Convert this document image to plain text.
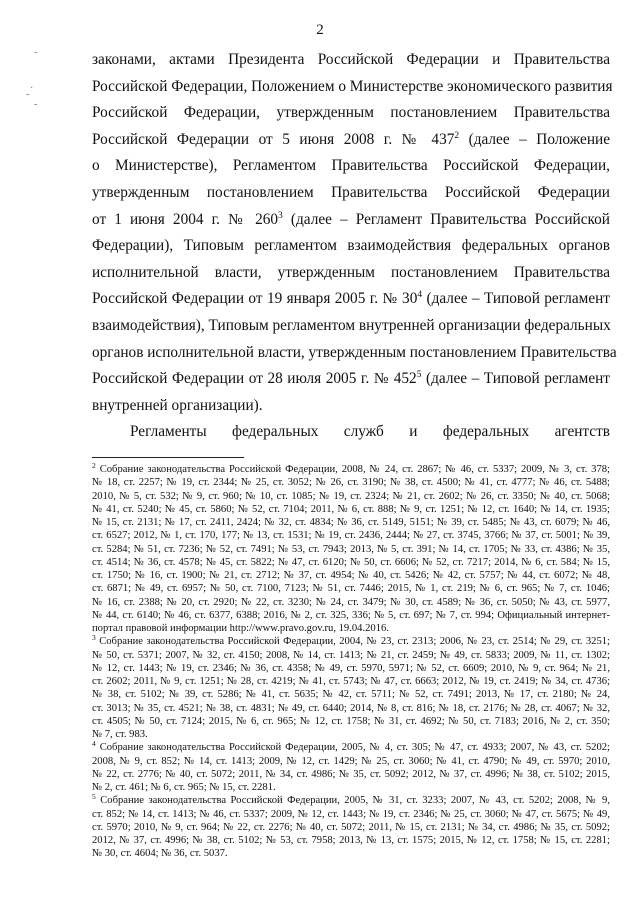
2
-
·
-
-
законами, актами Президента Российской Федерации и Правительства
Российской Федерации, Положением о Министерстве экономического развития
Российской Федерации, утвержденным постановлением Правительства
Российской Федерации от 5 июня 2008 г. № $437^2$ (далее – Положение
о Министерстве), Регламентом Правительства Российской Федерации,
утвержденным постановлением Правительства Российской Федерации
от 1 июня 2004 г. № $260^3$ (далее – Регламент Правительства Российской
Федерации), Типовым регламентом взаимодействия федеральных органов
исполнительной власти, утвержденным постановлением Правительства
Российской Федерации от 19 января 2005 г. № $30^4$ (далее – Типовой регламент
взаимодействия), Типовым регламентом внутренней организации федеральных
органов исполнительной власти, утвержденным постановлением Правительства
Российской Федерации от 28 июля 2005 г. № $452^5$ (далее – Типовой регламент
внутренней организации).
Регламенты федеральных служб и федеральных агентств
$^2$ Собрание законодательства Российской Федерации, 2008, № 24, ст. 2867; № 46, ст. 5337; 2009, № 3, ст. 378;
№ 18, ст. 2257; № 19, ст. 2344; № 25, ст. 3052; № 26, ст. 3190; № 38, ст. 4500; № 41, ст. 4777; № 46, ст. 5488;
2010, № 5, ст. 532; № 9, ст. 960; № 10, ст. 1085; № 19, ст. 2324; № 21, ст. 2602; № 26, ст. 3350; № 40, ст. 5068;
№ 41, ст. 5240; № 45, ст. 5860; № 52, ст. 7104; 2011, № 6, ст. 888; № 9, ст. 1251; № 12, ст. 1640; № 14, ст. 1935;
№ 15, ст. 2131; № 17, ст. 2411, 2424; № 32, ст. 4834; № 36, ст. 5149, 5151; № 39, ст. 5485; № 43, ст. 6079; № 46,
ст. 6527; 2012, № 1, ст. 170, 177; № 13, ст. 1531; № 19, ст. 2436, 2444; № 27, ст. 3745, 3766; № 37, ст. 5001; № 39,
ст. 5284; № 51, ст. 7236; № 52, ст. 7491; № 53, ст. 7943; 2013, № 5, ст. 391; № 14, ст. 1705; № 33, ст. 4386; № 35,
ст. 4514; № 36, ст. 4578; № 45, ст. 5822; № 47, ст. 6120; № 50, ст. 6606; № 52, ст. 7217; 2014, № 6, ст. 584; № 15,
ст. 1750; № 16, ст. 1900; № 21, ст. 2712; № 37, ст. 4954; № 40, ст. 5426; № 42, ст. 5757; № 44, ст. 6072; № 48,
ст. 6871; № 49, ст. 6957; № 50, ст. 7100, 7123; № 51, ст. 7446; 2015, № 1, ст. 219; № 6, ст. 965; № 7, ст. 1046;
№ 16, ст. 2388; № 20, ст. 2920; № 22, ст. 3230; № 24, ст. 3479; № 30, ст. 4589; № 36, ст. 5050; № 43, ст. 5977,
№ 44, ст. 6140; № 46, ст. 6377, 6388; 2016, № 2, ст. 325, 336; № 5, ст. 697; № 7, ст. 994; Официальный интернет-
портал правовой информации http://www.pravo.gov.ru, 19.04.2016.
$^3$ Собрание законодательства Российской Федерации, 2004, № 23, ст. 2313; 2006, № 23, ст. 2514; № 29, ст. 3251;
№ 50, ст. 5371; 2007, № 32, ст. 4150; 2008, № 14, ст. 1413; № 21, ст. 2459; № 49, ст. 5833; 2009, № 11, ст. 1302;
№ 12, ст. 1443; № 19, ст. 2346; № 36, ст. 4358; № 49, ст. 5970, 5971; № 52, ст. 6609; 2010, № 9, ст. 964; № 21,
ст. 2602; 2011, № 9, ст. 1251; № 28, ст. 4219; № 41, ст. 5743; № 47, ст. 6663; 2012, № 19, ст. 2419; № 34, ст. 4736;
№ 38, ст. 5102; № 39, ст. 5286; № 41, ст. 5635; № 42, ст. 5711; № 52, ст. 7491; 2013, № 17, ст. 2180; № 24,
ст. 3013; № 35, ст. 4521; № 38, ст. 4831; № 49, ст. 6440; 2014, № 8, ст. 816; № 18, ст. 2176; № 28, ст. 4067; № 32,
ст. 4505; № 50, ст. 7124; 2015, № 6, ст. 965; № 12, ст. 1758; № 31, ст. 4692; № 50, ст. 7183; 2016, № 2, ст. 350;
№ 7, ст. 983.
$^4$ Собрание законодательства Российской Федерации, 2005, № 4, ст. 305; № 47, ст. 4933; 2007, № 43, ст. 5202;
2008, № 9, ст. 852; № 14, ст. 1413; 2009, № 12, ст. 1429; № 25, ст. 3060; № 41, ст. 4790; № 49, ст. 5970; 2010,
№ 22, ст. 2776; № 40, ст. 5072; 2011, № 34, ст. 4986; № 35, ст. 5092; 2012, № 37, ст. 4996; № 38, ст. 5102; 2015,
№ 2, ст. 461; № 6, ст. 965; № 15, ст. 2281.
$^5$ Собрание законодательства Российской Федерации, 2005, № 31, ст. 3233; 2007, № 43, ст. 5202; 2008, № 9,
ст. 852; № 14, ст. 1413; № 46, ст. 5337; 2009, № 12, ст. 1443; № 19, ст. 2346; № 25, ст. 3060; № 47, ст. 5675; № 49,
ст. 5970; 2010, № 9, ст. 964; № 22, ст. 2276; № 40, ст. 5072; 2011, № 15, ст. 2131; № 34, ст. 4986; № 35, ст. 5092;
2012, № 37, ст. 4996; № 38, ст. 5102; № 53, ст. 7958; 2013, № 13, ст. 1575; 2015, № 12, ст. 1758; № 15, ст. 2281;
№ 30, ст. 4604; № 36, ст. 5037.
